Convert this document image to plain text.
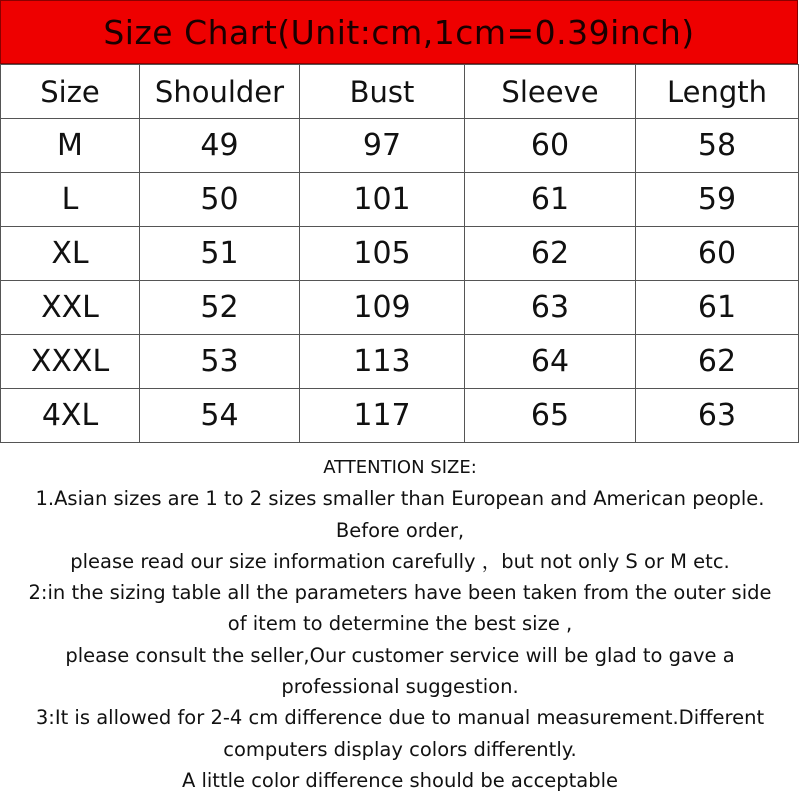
Size Chart(Unit:cm,1cm=0.39inch)
Size	Shoulder	Bust	Sleeve	Length
M	49	97	60	58
L	50	101	61	59
XL	51	105	62	60
XXL	52	109	63	61
XXXL	53	113	64	62
4XL	54	117	65	63
ATTENTION SIZE:
1.Asian sizes are 1 to 2 sizes smaller than European and American people.
Before order,
please read our size information carefully ，but not only S or M etc.
2:in the sizing table all the parameters have been taken from the outer side
of item to determine the best size ,
please consult the seller,Our customer service will be glad to gave a
professional suggestion.
3:It is allowed for 2-4 cm difference due to manual measurement.Different
computers display colors differently.
A little color difference should be acceptable
